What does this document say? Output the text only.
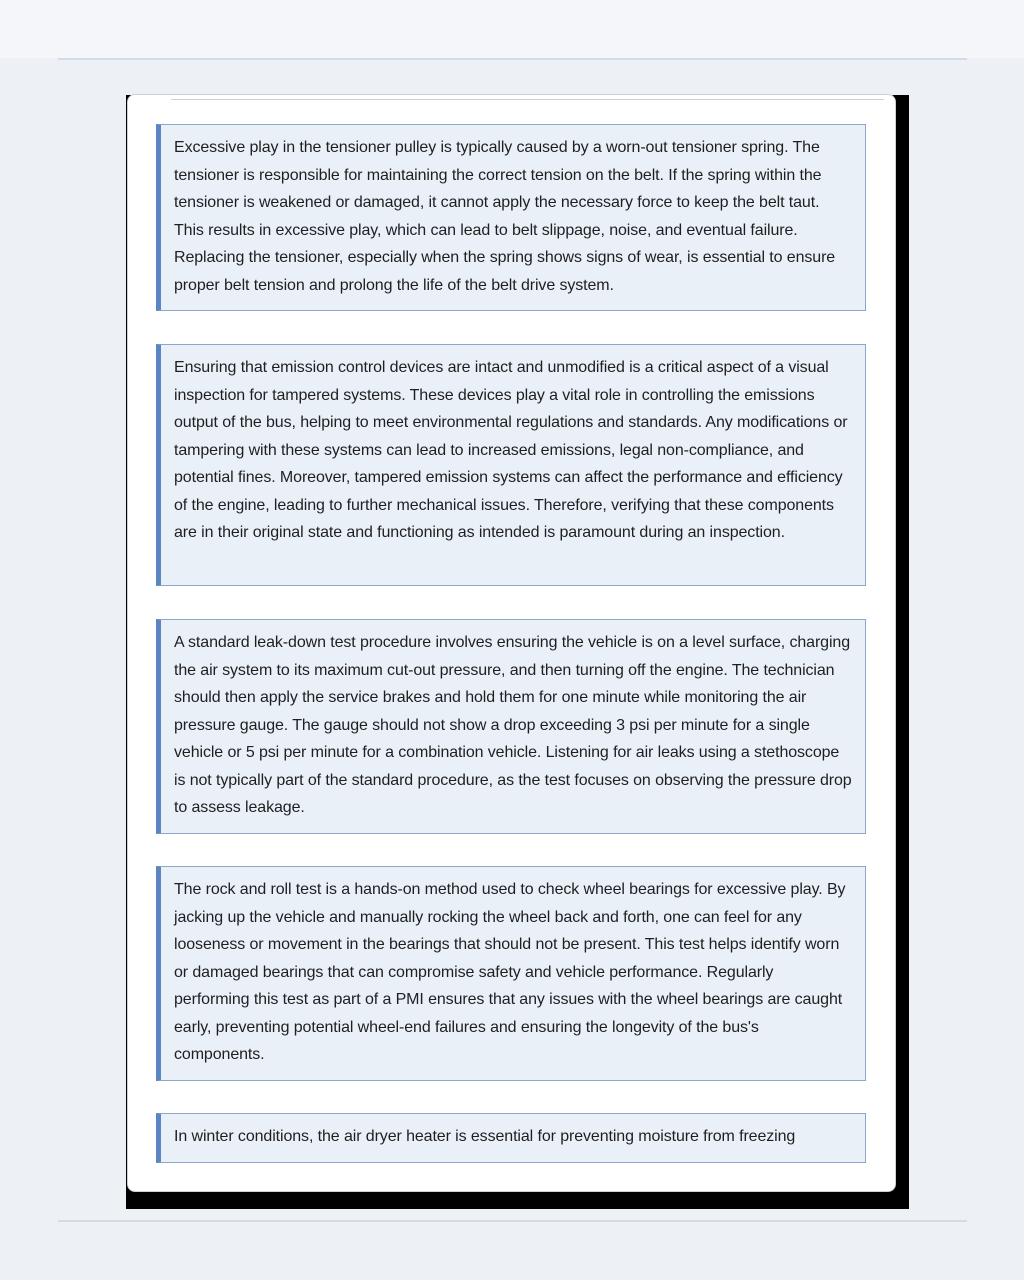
Excessive play in the tensioner pulley is typically caused by a worn-out tensioner spring. The tensioner is responsible for maintaining the correct tension on the belt. If the spring within the tensioner is weakened or damaged, it cannot apply the necessary force to keep the belt taut. This results in excessive play, which can lead to belt slippage, noise, and eventual failure. Replacing the tensioner, especially when the spring shows signs of wear, is essential to ensure proper belt tension and prolong the life of the belt drive system.

Ensuring that emission control devices are intact and unmodified is a critical aspect of a visual inspection for tampered systems. These devices play a vital role in controlling the emissions output of the bus, helping to meet environmental regulations and standards. Any modifications or tampering with these systems can lead to increased emissions, legal non-compliance, and potential fines. Moreover, tampered emission systems can affect the performance and efficiency of the engine, leading to further mechanical issues. Therefore, verifying that these components are in their original state and functioning as intended is paramount during an inspection.

A standard leak-down test procedure involves ensuring the vehicle is on a level surface, charging the air system to its maximum cut-out pressure, and then turning off the engine. The technician should then apply the service brakes and hold them for one minute while monitoring the air pressure gauge. The gauge should not show a drop exceeding 3 psi per minute for a single vehicle or 5 psi per minute for a combination vehicle. Listening for air leaks using a stethoscope is not typically part of the standard procedure, as the test focuses on observing the pressure drop to assess leakage.

The rock and roll test is a hands-on method used to check wheel bearings for excessive play. By jacking up the vehicle and manually rocking the wheel back and forth, one can feel for any looseness or movement in the bearings that should not be present. This test helps identify worn or damaged bearings that can compromise safety and vehicle performance. Regularly performing this test as part of a PMI ensures that any issues with the wheel bearings are caught early, preventing potential wheel-end failures and ensuring the longevity of the bus's components.

In winter conditions, the air dryer heater is essential for preventing moisture from freezing
